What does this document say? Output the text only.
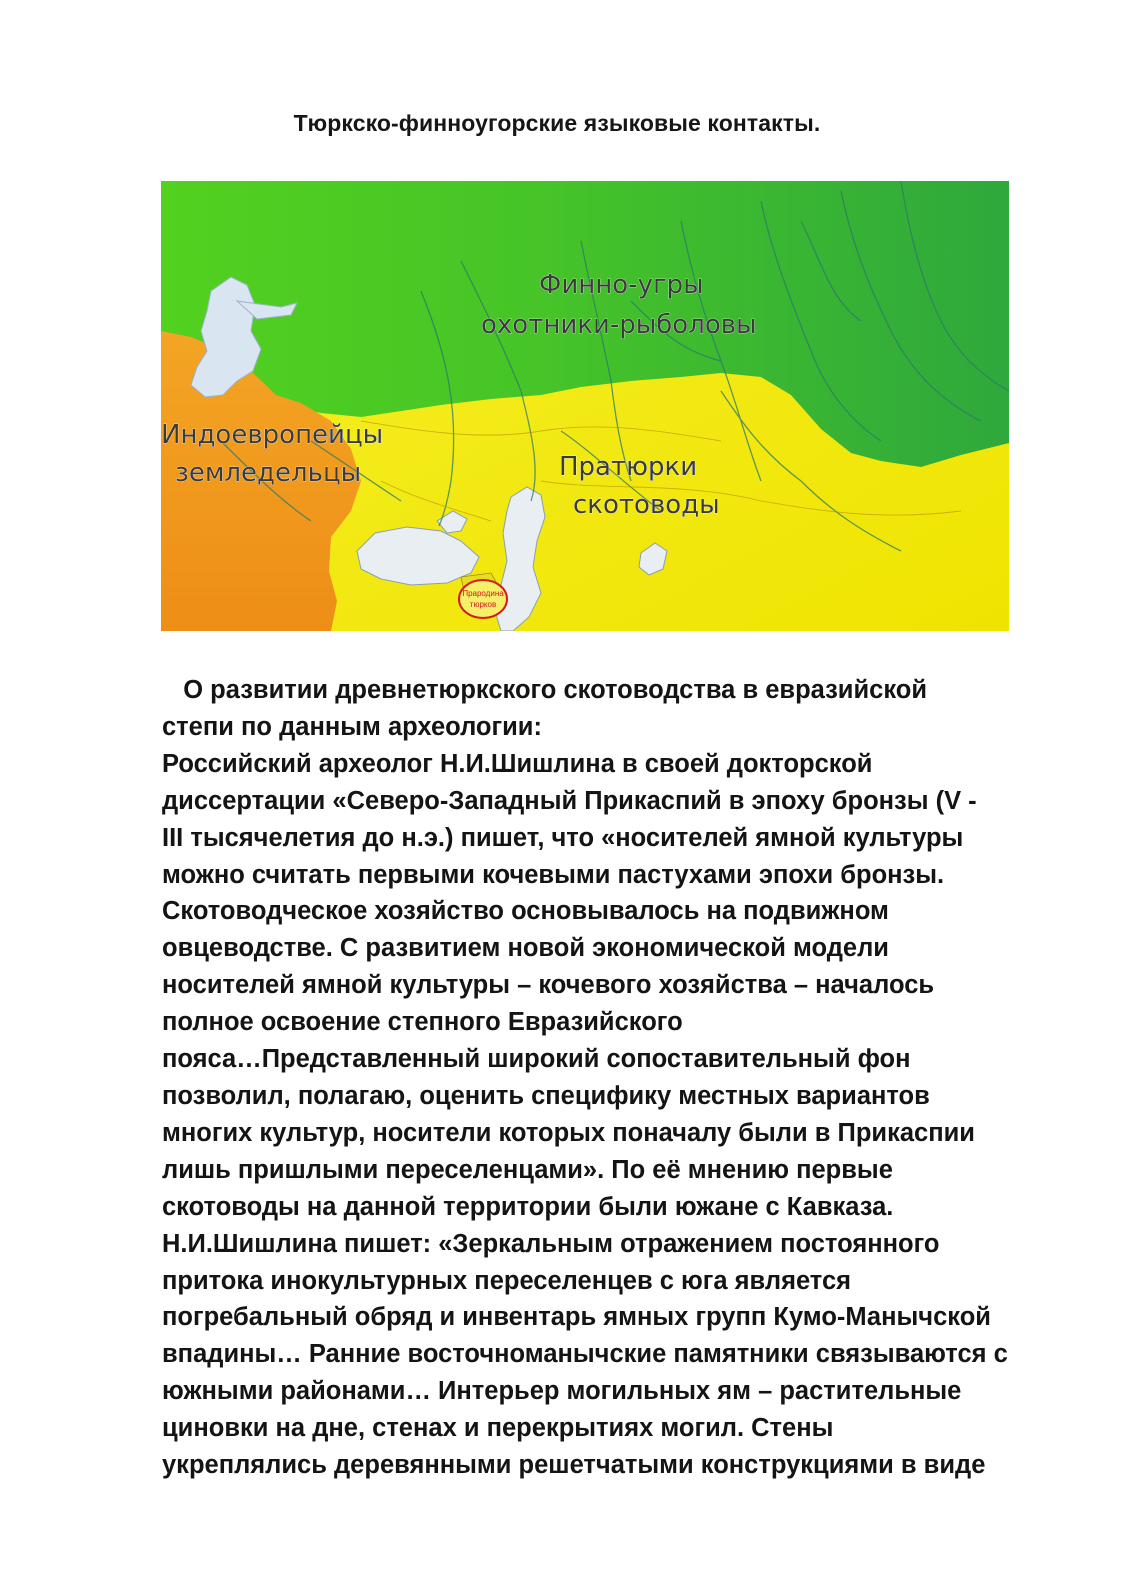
Тюркско-финноугорские языковые контакты.
Финно-угры
охотники-рыболовы
Индоевропейцы
земледельцы	Пратюрки
скотоводы
Прародина
тюрков
О развитии древнетюркского скотоводства в евразийской
степи по данным археологии:
Российский археолог Н.И.Шишлина в своей докторской
диссертации «Северо-Западный Прикаспий в эпоху бронзы (V -
III тысячелетия до н.э.) пишет, что «носителей ямной культуры
можно считать первыми кочевыми пастухами эпохи бронзы.
Скотоводческое хозяйство основывалось на подвижном
овцеводстве. С развитием новой экономической модели
носителей ямной культуры – кочевого хозяйства – началось
полное освоение степного Евразийского
пояса…Представленный широкий сопоставительный фон
позволил, полагаю, оценить специфику местных вариантов
многих культур, носители которых поначалу были в Прикаспии
лишь пришлыми переселенцами». По её мнению первые
скотоводы на данной территории были южане с Кавказа.
Н.И.Шишлина пишет: «Зеркальным отражением постоянного
притока инокультурных переселенцев с юга является
погребальный обряд и инвентарь ямных групп Кумо-Манычской
впадины… Ранние восточноманычские памятники связываются с
южными районами… Интерьер могильных ям – растительные
циновки на дне, стенах и перекрытиях могил. Стены
укреплялись деревянными решетчатыми конструкциями в виде
